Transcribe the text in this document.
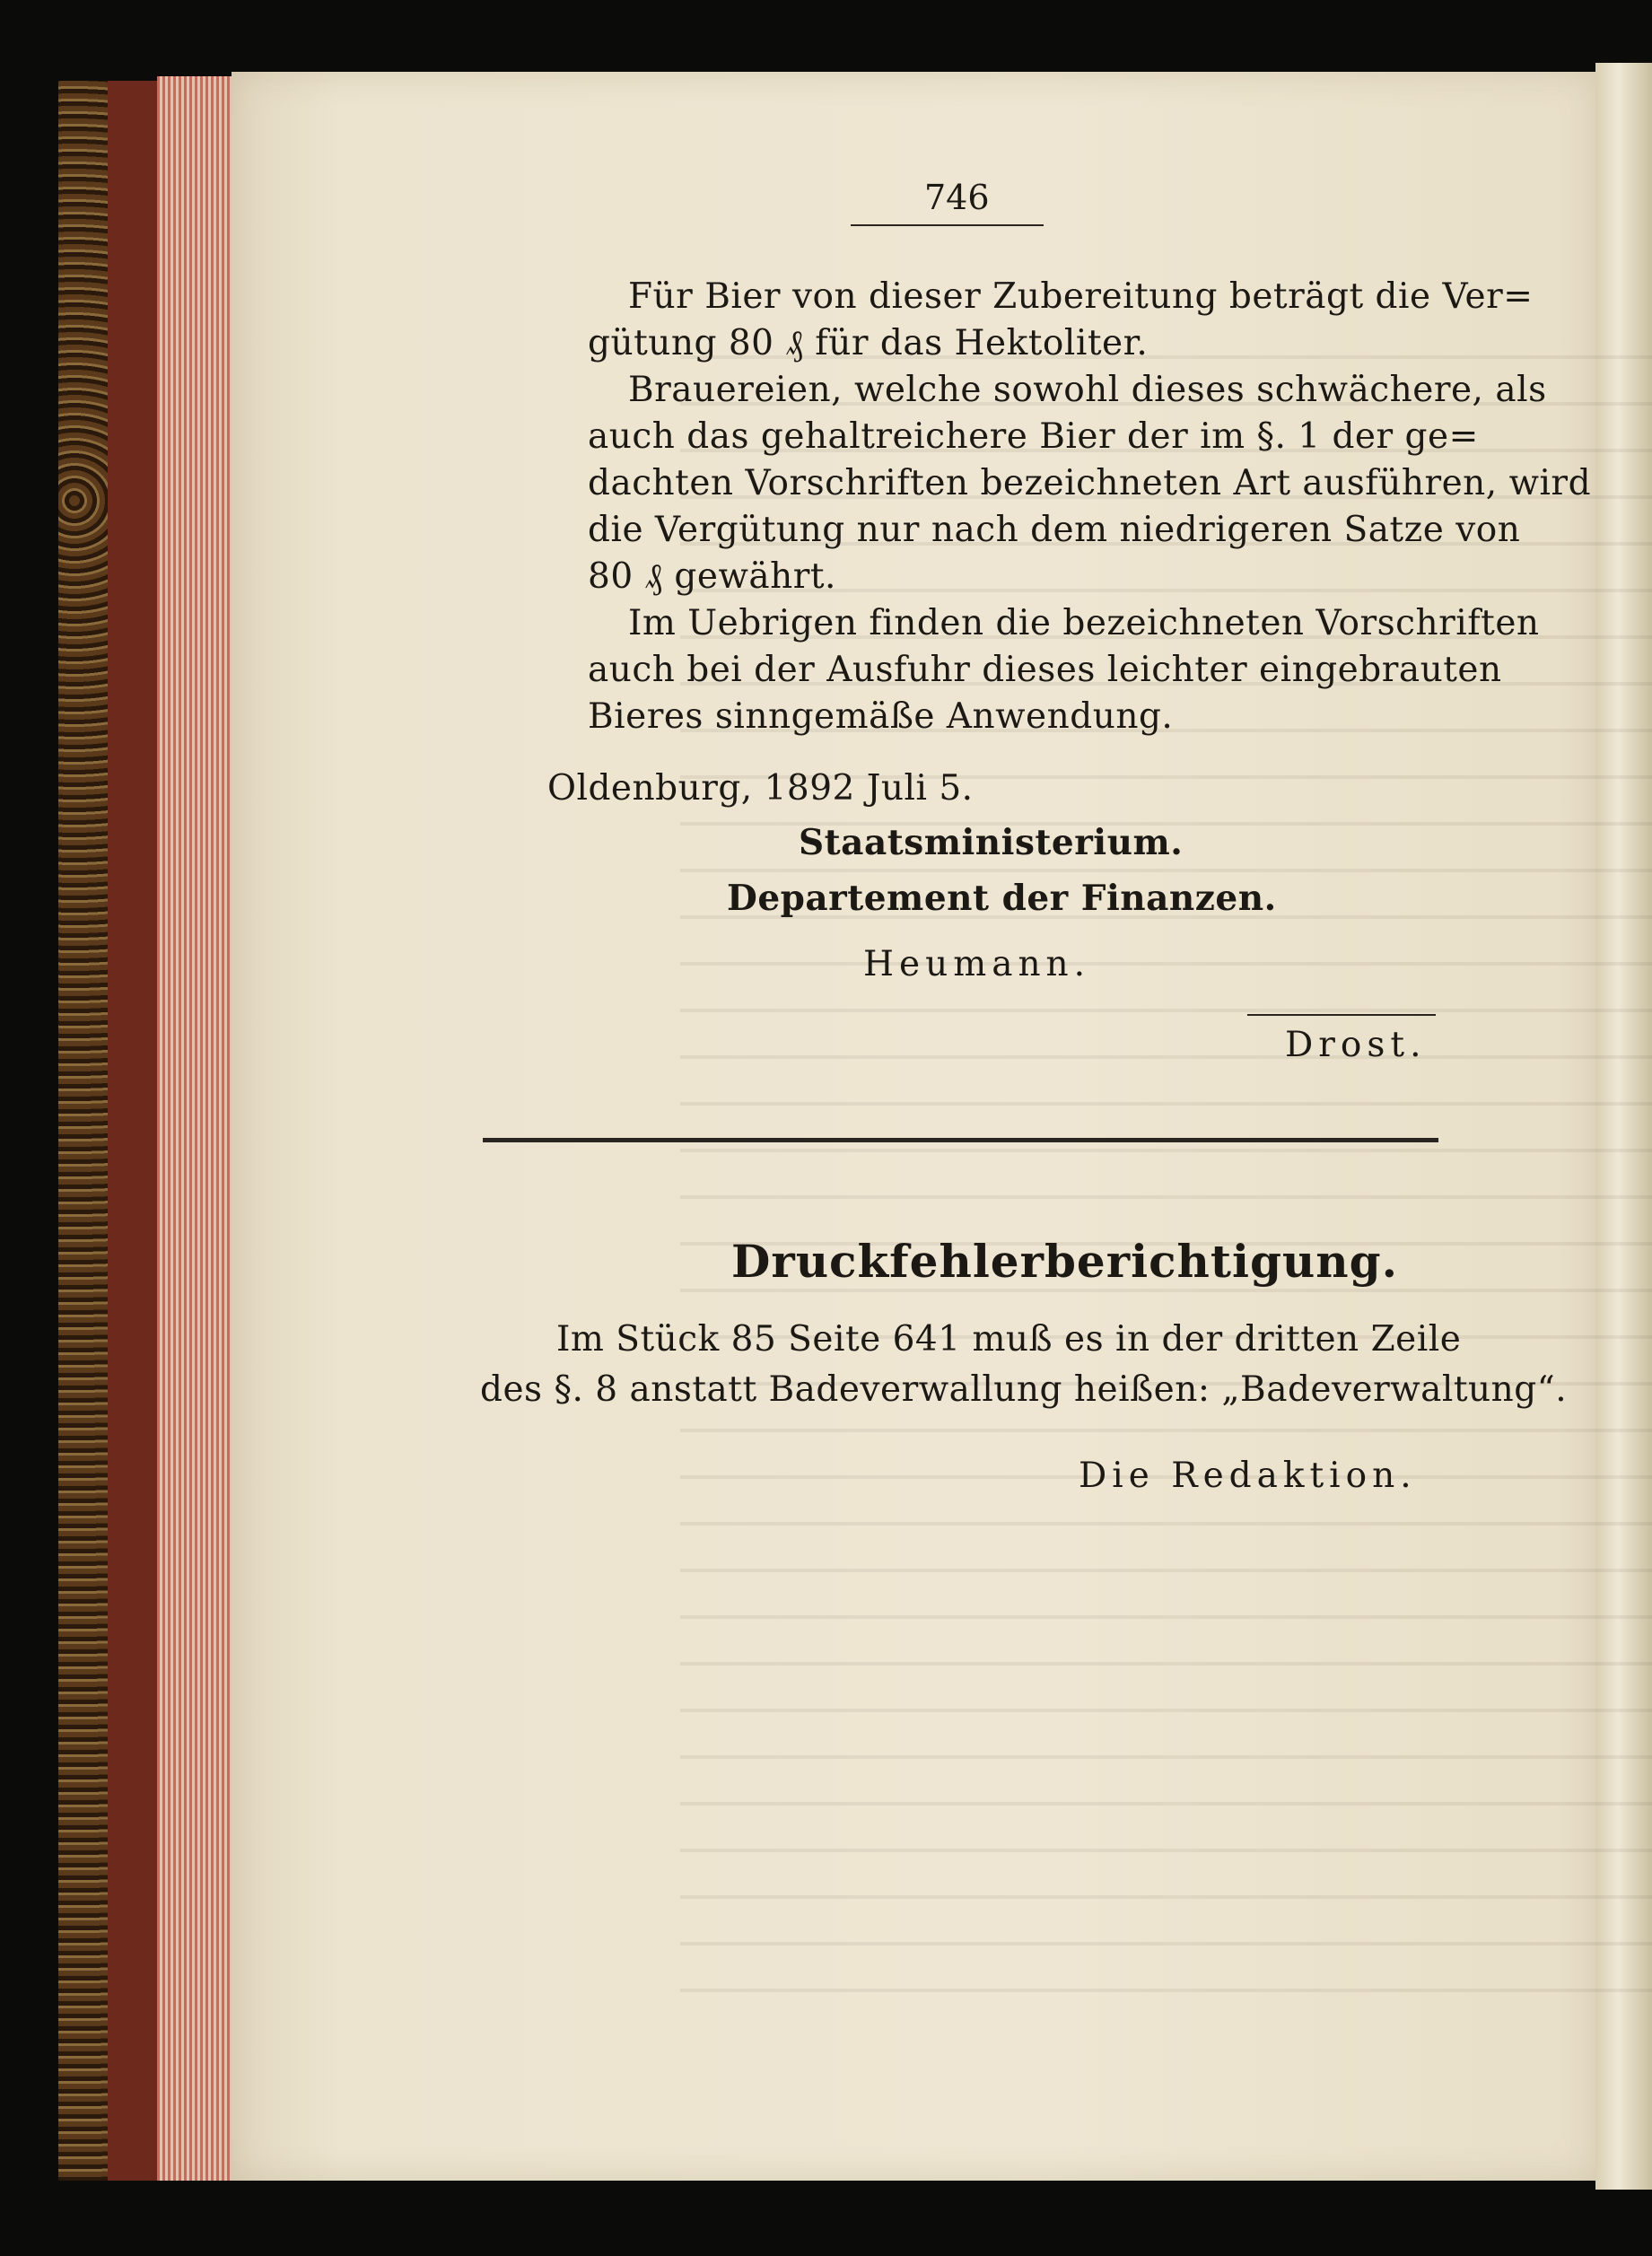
746
Für Bier von dieser Zubereitung beträgt die Ver=
gütung 80 ₰ für das Hektoliter.
Brauereien, welche sowohl dieses schwächere, als
auch das gehaltreichere Bier der im §. 1 der ge=
dachten Vorschriften bezeichneten Art ausführen, wird
die Vergütung nur nach dem niedrigeren Satze von
80 ₰ gewährt.
Im Uebrigen finden die bezeichneten Vorschriften
auch bei der Ausfuhr dieses leichter eingebrauten
Bieres sinngemäße Anwendung.
Oldenburg, 1892 Juli 5.
Staatsministerium.
Departement der Finanzen.
Heumann.
Drost.
Druckfehlerberichtigung.
Im Stück 85 Seite 641 muß es in der dritten Zeile
des §. 8 anstatt Badeverwallung heißen: „Badeverwaltung“.
Die Redaktion.
